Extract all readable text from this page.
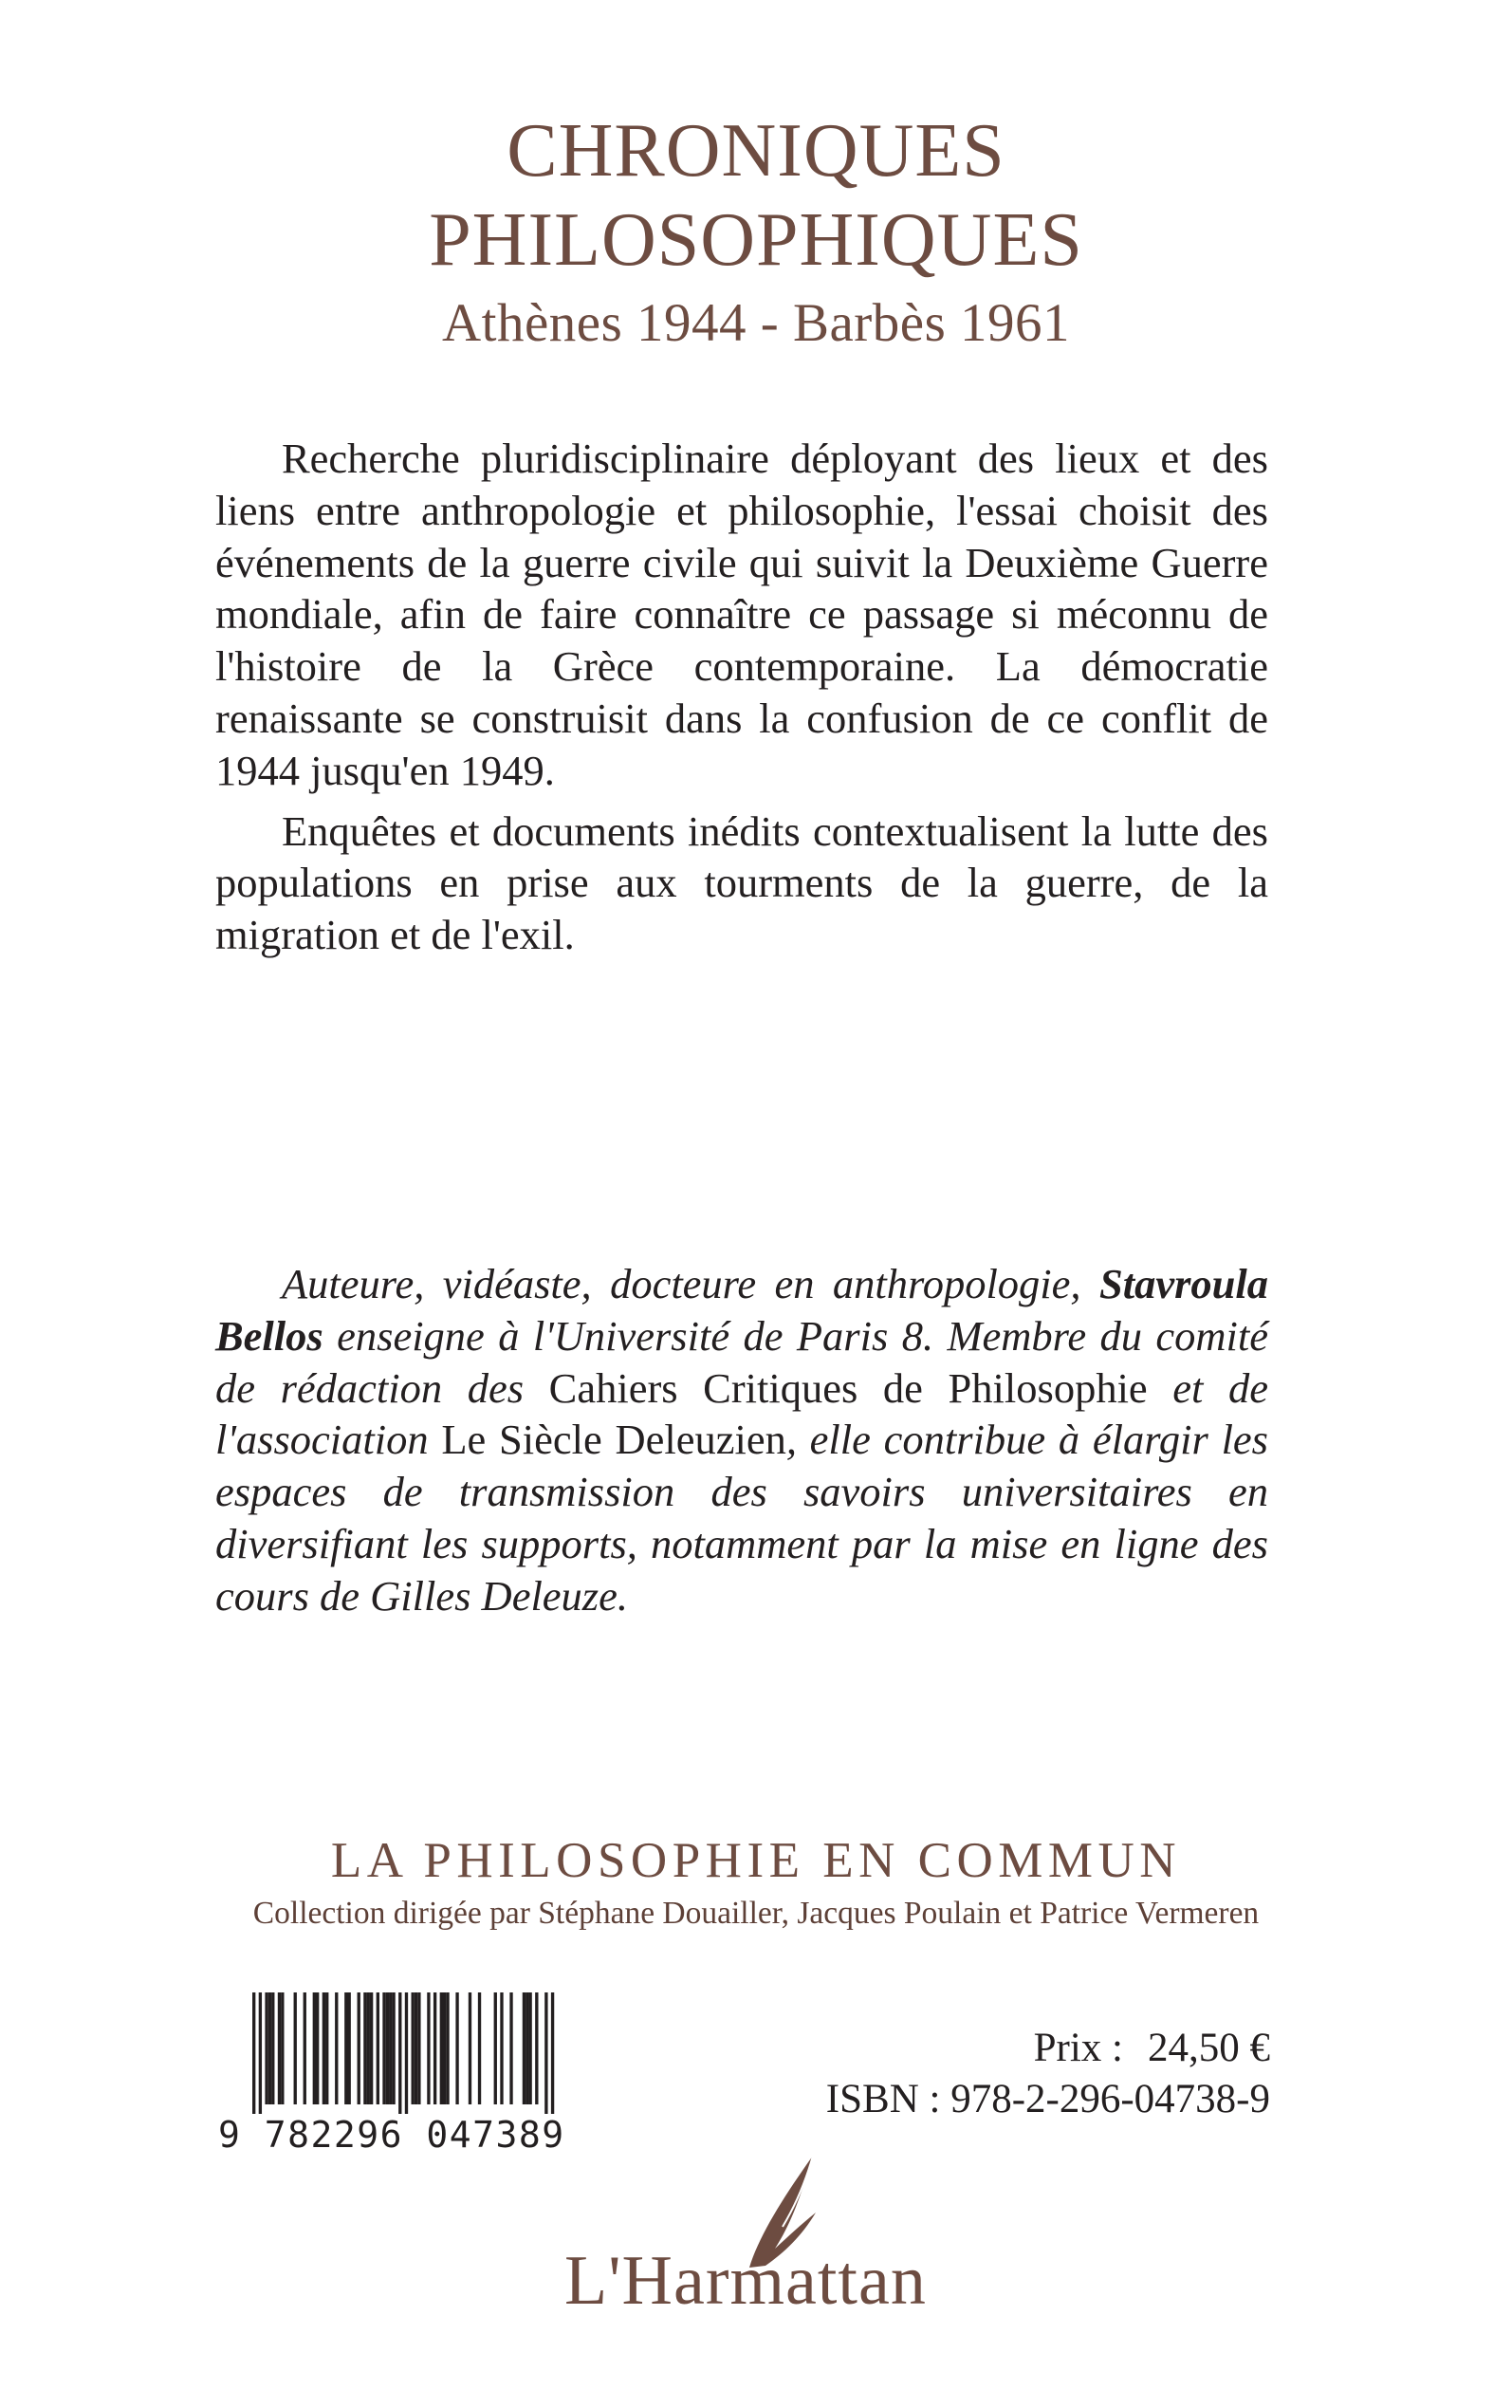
CHRONIQUES
PHILOSOPHIQUES
Athènes 1944 - Barbès 1961

Recherche pluridisciplinaire déployant des lieux et des liens entre anthropologie et philosophie, l'essai choisit des événements de la guerre civile qui suivit la Deuxième Guerre mondiale, afin de faire connaître ce passage si méconnu de l'histoire de la Grèce contemporaine. La démocratie renaissante se construisit dans la confusion de ce conflit de 1944 jusqu'en 1949.

Enquêtes et documents inédits contextualisent la lutte des populations en prise aux tourments de la guerre, de la migration et de l'exil.

Auteure, vidéaste, docteure en anthropologie, Stavroula Bellos enseigne à l'Université de Paris 8. Membre du comité de rédaction des Cahiers Critiques de Philosophie et de l'association Le Siècle Deleuzien, elle contribue à élargir les espaces de transmission des savoirs universitaires en diversifiant les supports, notamment par la mise en ligne des cours de Gilles Deleuze.

LA PHILOSOPHIE EN COMMUN
Collection dirigée par Stéphane Douailler, Jacques Poulain et Patrice Vermeren
9 782296 047389
Prix : 24,50 €
ISBN : 978-2-296-04738-9
L'Harmattan
